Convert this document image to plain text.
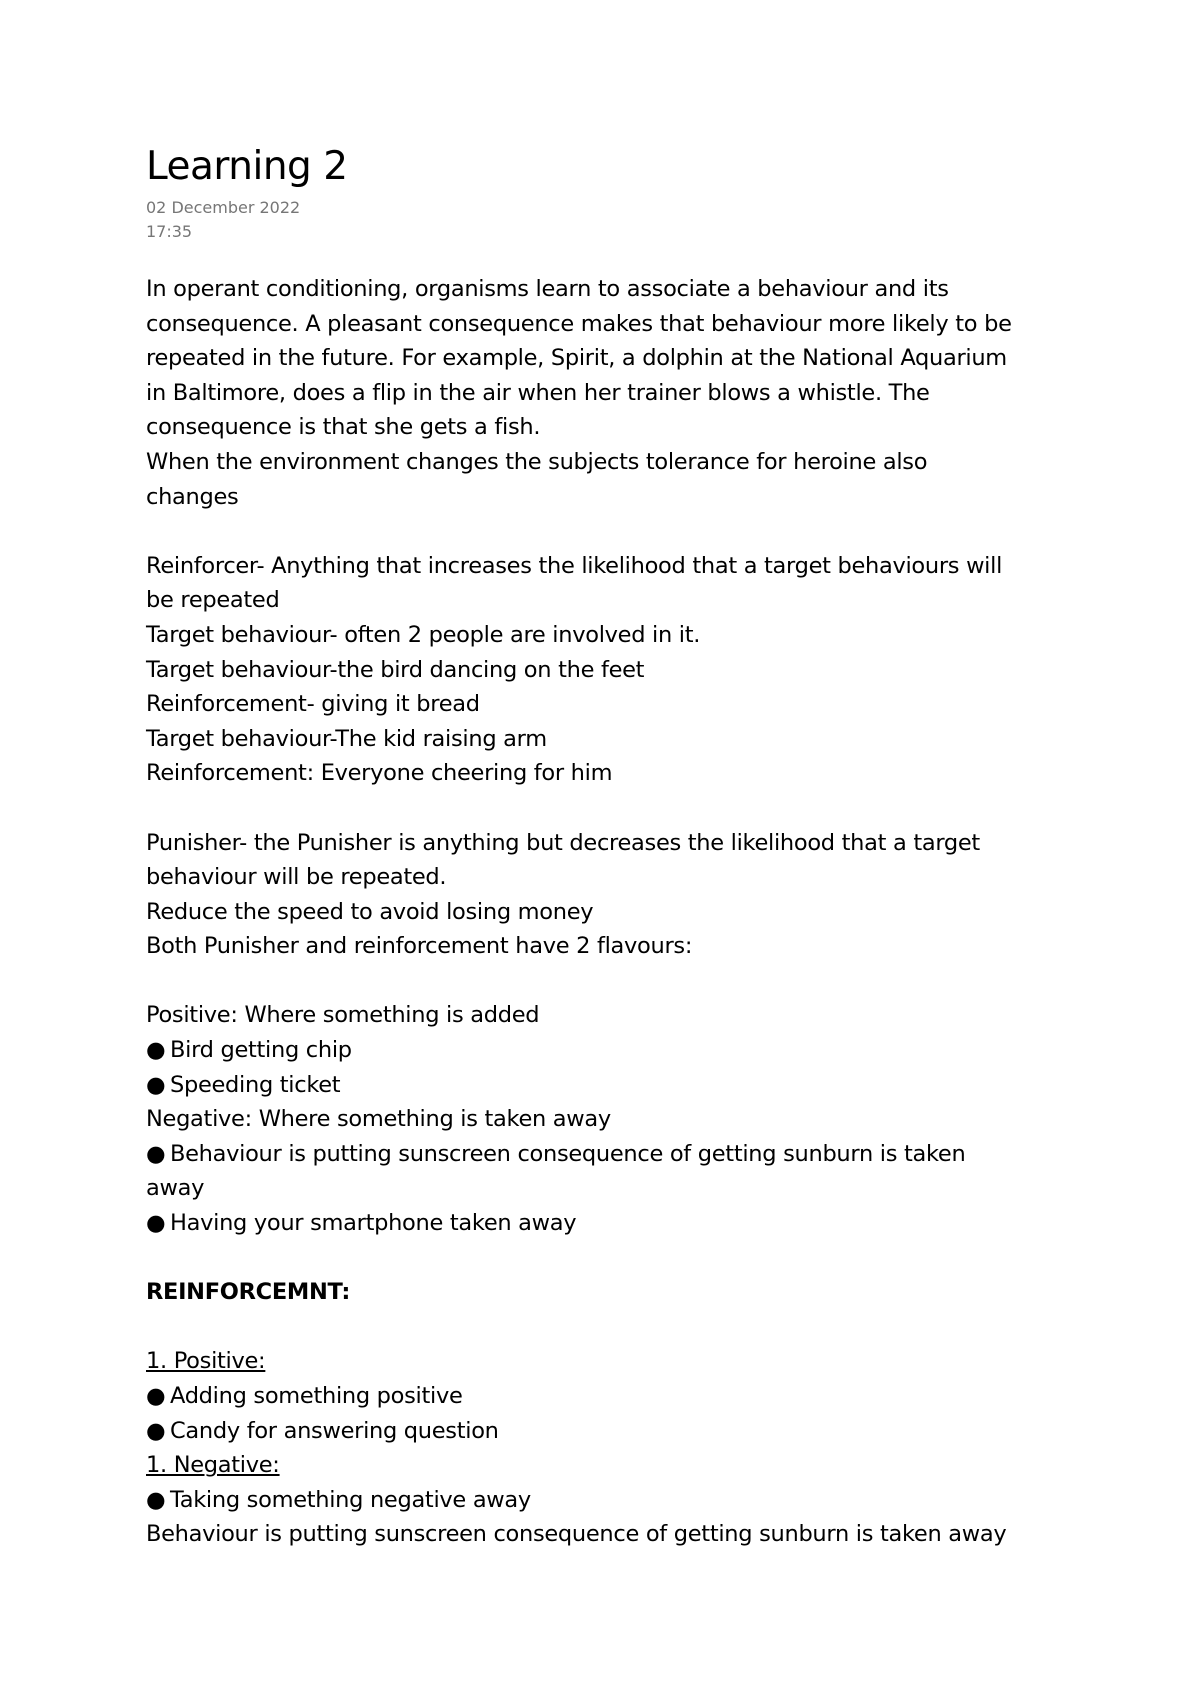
Learning 2

02 December 2022

17:35

In operant conditioning, organisms learn to associate a behaviour and its
consequence. A pleasant consequence makes that behaviour more likely to be
repeated in the future. For example, Spirit, a dolphin at the National Aquarium
in Baltimore, does a flip in the air when her trainer blows a whistle. The
consequence is that she gets a fish.
When the environment changes the subjects tolerance for heroine also
changes
Reinforcer- Anything that increases the likelihood that a target behaviours will
be repeated
Target behaviour- often 2 people are involved in it.
Target behaviour-the bird dancing on the feet
Reinforcement- giving it bread
Target behaviour-The kid raising arm
Reinforcement: Everyone cheering for him
Punisher- the Punisher is anything but decreases the likelihood that a target
behaviour will be repeated.
Reduce the speed to avoid losing money
Both Punisher and reinforcement have 2 flavours:
Positive: Where something is added
● Bird getting chip
● Speeding ticket
Negative: Where something is taken away
● Behaviour is putting sunscreen consequence of getting sunburn is taken
away
● Having your smartphone taken away
REINFORCEMNT:
1. Positive:
● Adding something positive
● Candy for answering question
1. Negative:
● Taking something negative away
Behaviour is putting sunscreen consequence of getting sunburn is taken away
